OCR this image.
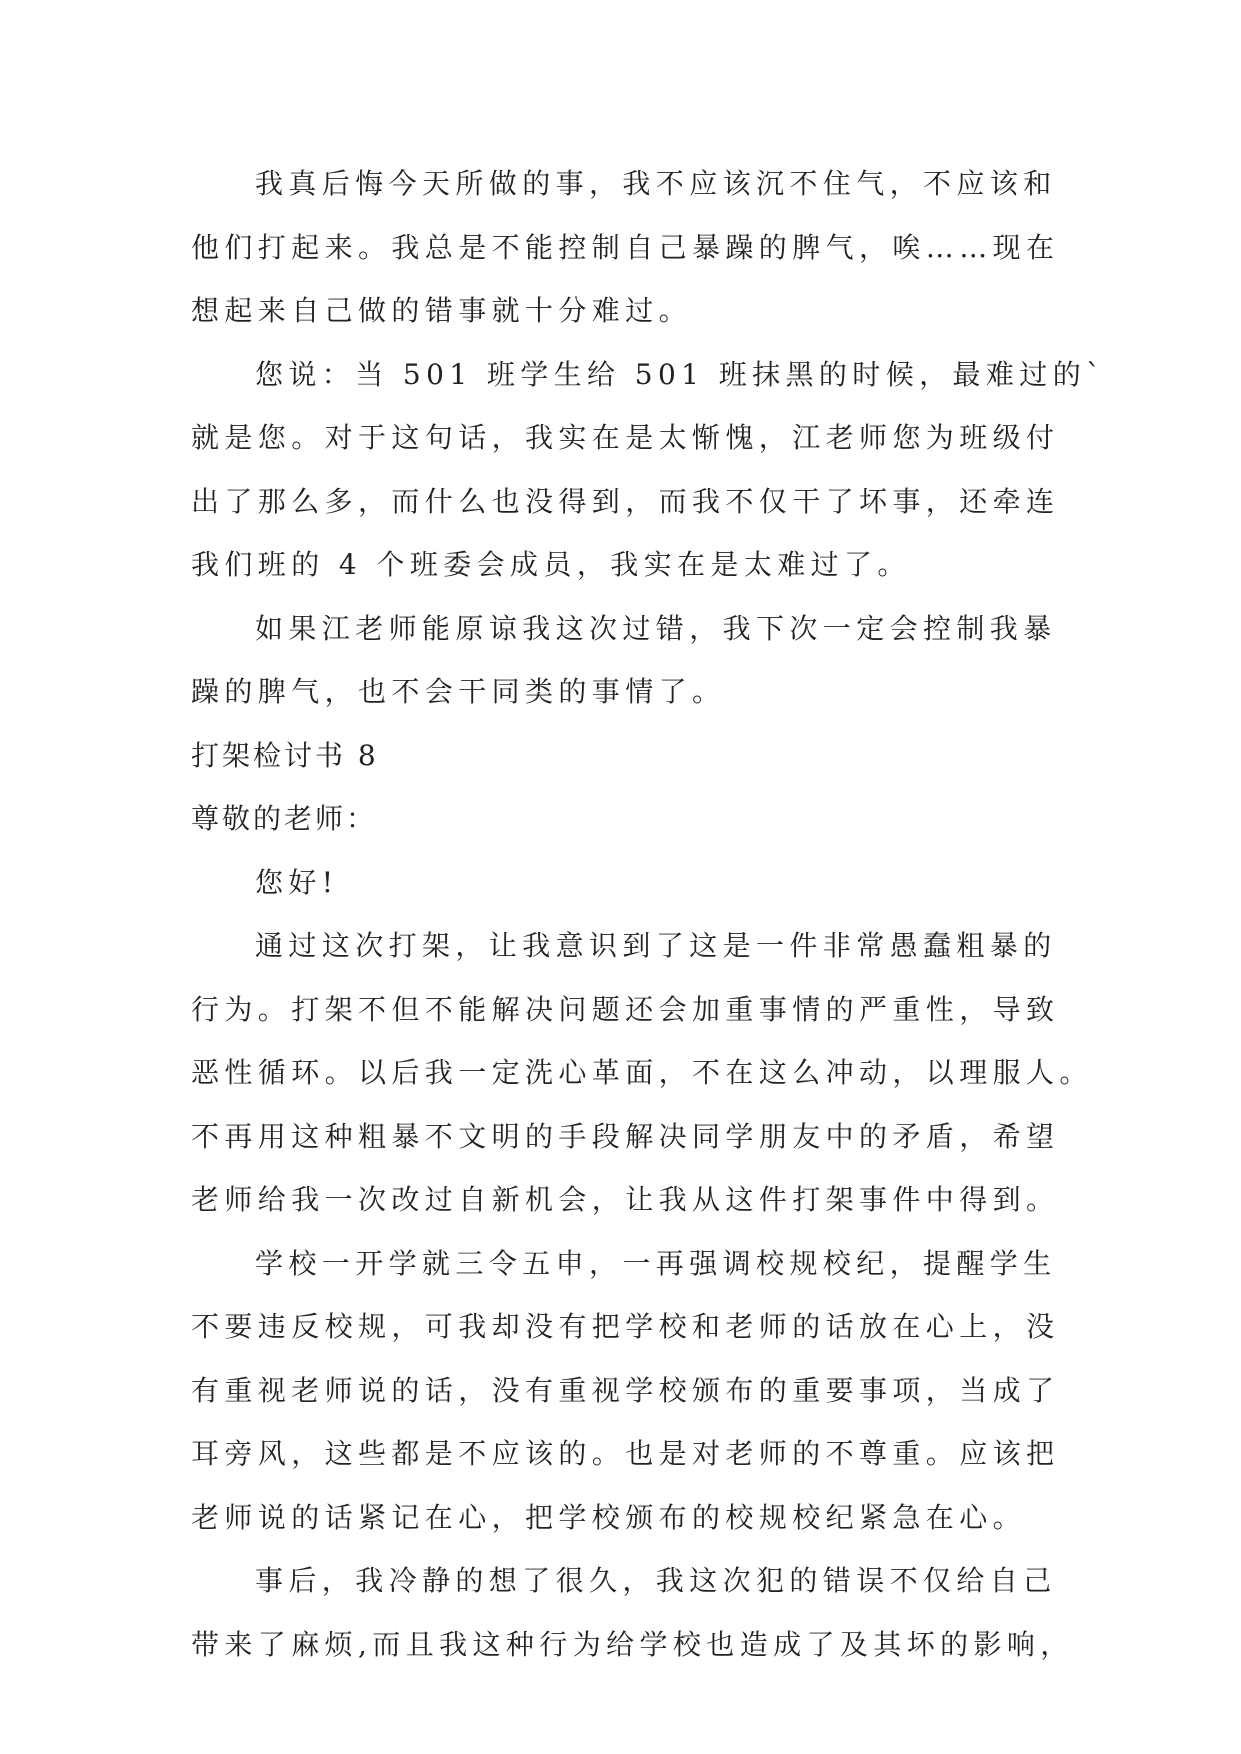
我真后悔今天所做的事，我不应该沉不住气，不应该和

他们打起来。我总是不能控制自己暴躁的脾气，唉……现在

想起来自己做的错事就十分难过。

您说：当 501 班学生给 501 班抹黑的时候，最难过的`

就是您。对于这句话，我实在是太惭愧，江老师您为班级付

出了那么多，而什么也没得到，而我不仅干了坏事，还牵连

我们班的 4 个班委会成员，我实在是太难过了。

如果江老师能原谅我这次过错，我下次一定会控制我暴

躁的脾气，也不会干同类的事情了。

打架检讨书 8

尊敬的老师：

您好!

通过这次打架，让我意识到了这是一件非常愚蠢粗暴的

行为。打架不但不能解决问题还会加重事情的严重性，导致

恶性循环。以后我一定洗心革面，不在这么冲动，以理服人。

不再用这种粗暴不文明的手段解决同学朋友中的矛盾，希望

老师给我一次改过自新机会，让我从这件打架事件中得到。

学校一开学就三令五申，一再强调校规校纪，提醒学生

不要违反校规，可我却没有把学校和老师的话放在心上，没

有重视老师说的话，没有重视学校颁布的重要事项，当成了

耳旁风，这些都是不应该的。也是对老师的不尊重。应该把

老师说的话紧记在心，把学校颁布的校规校纪紧急在心。

事后，我冷静的想了很久，我这次犯的错误不仅给自己

带来了麻烦,而且我这种行为给学校也造成了及其坏的影响，
